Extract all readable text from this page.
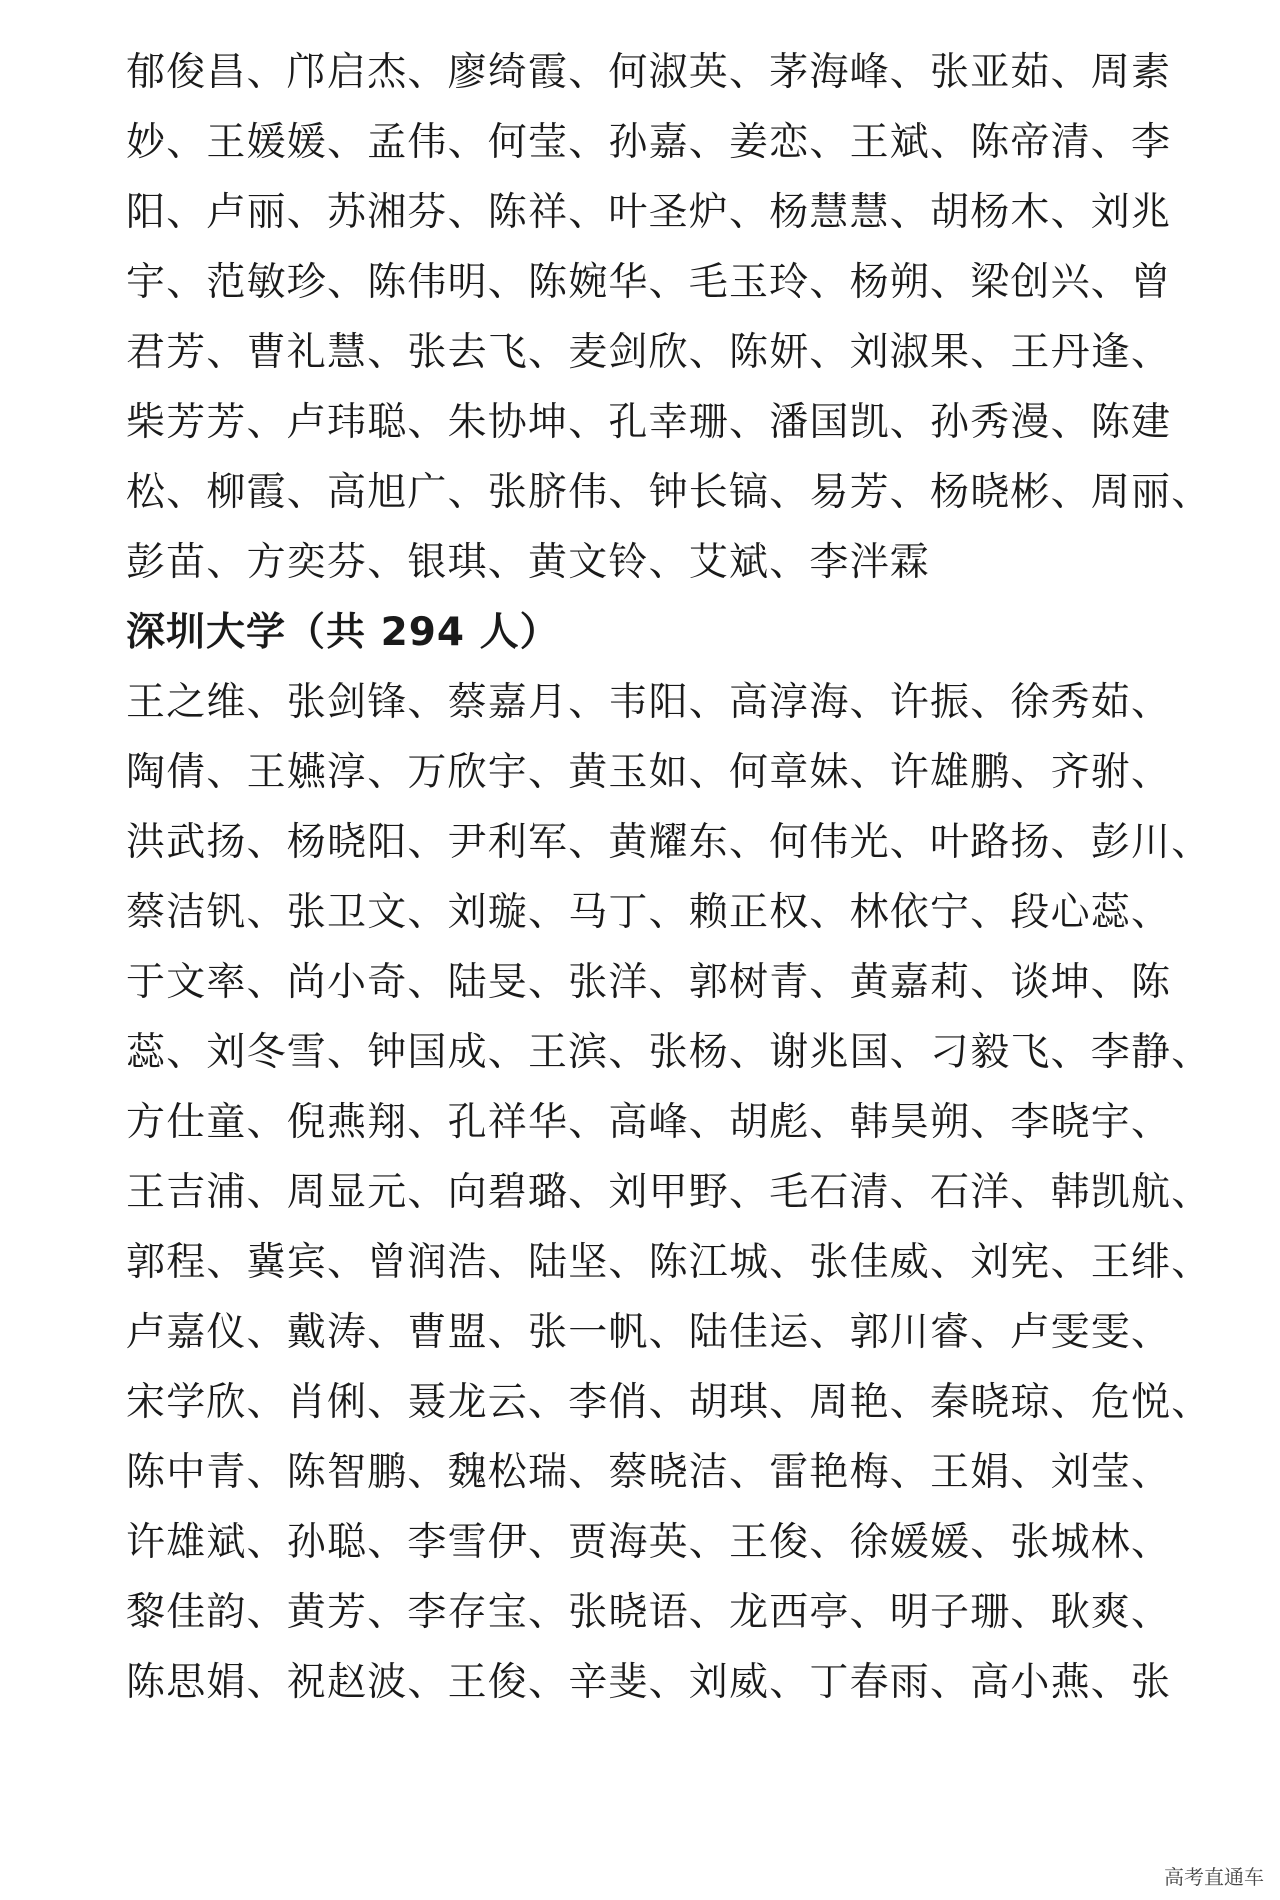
郁俊昌、邝启杰、廖绮霞、何淑英、茅海峰、张亚茹、周素
妙、王媛媛、孟伟、何莹、孙嘉、姜恋、王斌、陈帝清、李
阳、卢丽、苏湘芬、陈祥、叶圣炉、杨慧慧、胡杨木、刘兆
宇、范敏珍、陈伟明、陈婉华、毛玉玲、杨朔、梁创兴、曾
君芳、曹礼慧、张去飞、麦剑欣、陈妍、刘淑果、王丹逢、
柴芳芳、卢玮聪、朱协坤、孔幸珊、潘国凯、孙秀漫、陈建
松、柳霞、高旭广、张脐伟、钟长镐、易芳、杨晓彬、周丽、
彭苗、方奕芬、银琪、黄文铃、艾斌、李泮霖
深圳大学（共 294 人）
王之维、张剑锋、蔡嘉月、韦阳、高淳海、许振、徐秀茹、
陶倩、王嬿淳、万欣宇、黄玉如、何章妹、许雄鹏、齐驸、
洪武扬、杨晓阳、尹利军、黄耀东、何伟光、叶路扬、彭川、
蔡洁钒、张卫文、刘璇、马丁、赖正权、林依宁、段心蕊、
于文率、尚小奇、陆旻、张洋、郭树青、黄嘉莉、谈坤、陈
蕊、刘冬雪、钟国成、王滨、张杨、谢兆国、刁毅飞、李静、
方仕童、倪燕翔、孔祥华、高峰、胡彪、韩昊朔、李晓宇、
王吉浦、周显元、向碧璐、刘甲野、毛石清、石洋、韩凯航、
郭程、冀宾、曾润浩、陆坚、陈江城、张佳威、刘宪、王绯、
卢嘉仪、戴涛、曹盟、张一帆、陆佳运、郭川睿、卢雯雯、
宋学欣、肖俐、聂龙云、李俏、胡琪、周艳、秦晓琼、危悦、
陈中青、陈智鹏、魏松瑞、蔡晓洁、雷艳梅、王娟、刘莹、
许雄斌、孙聪、李雪伊、贾海英、王俊、徐媛媛、张城林、
黎佳韵、黄芳、李存宝、张晓语、龙西亭、明子珊、耿爽、
陈思娟、祝赵波、王俊、辛斐、刘威、丁春雨、高小燕、张
高考直通车
